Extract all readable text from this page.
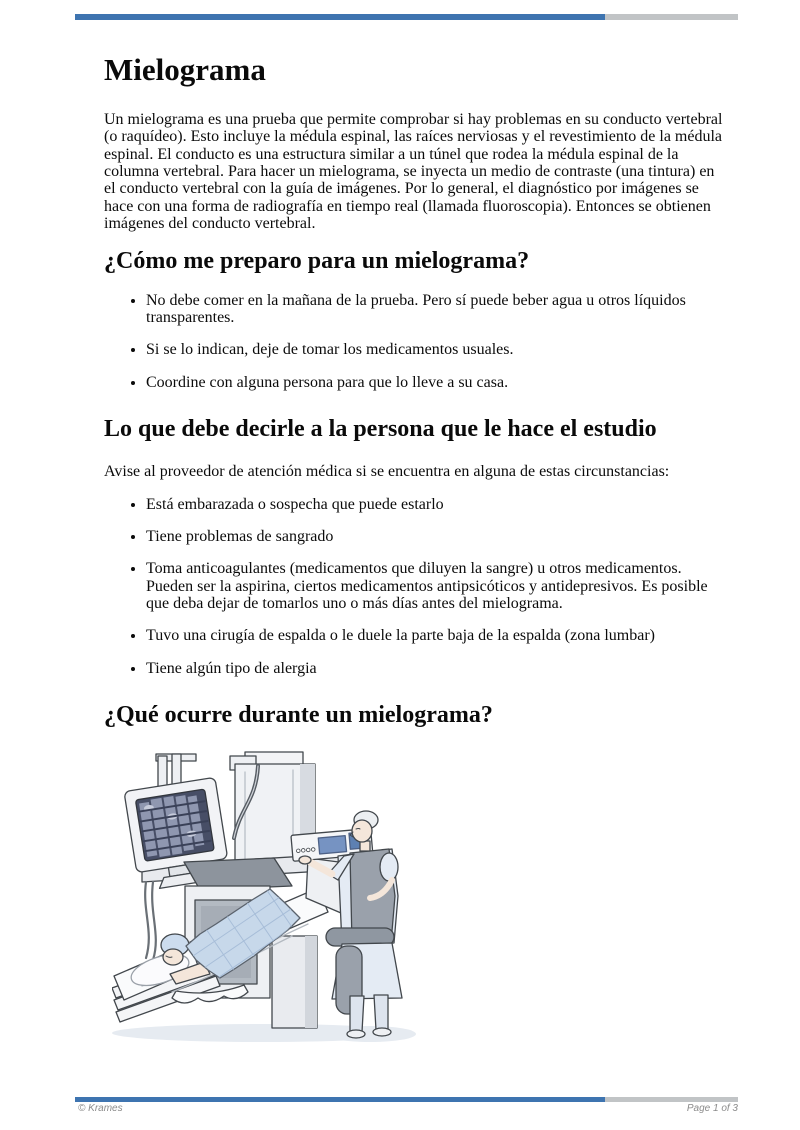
Mielograma

Un mielograma es una prueba que permite comprobar si hay problemas en su conducto vertebral (o raquídeo). Esto incluye la médula espinal, las raíces nerviosas y el revestimiento de la médula espinal. El conducto es una estructura similar a un túnel que rodea la médula espinal de la columna vertebral. Para hacer un mielograma, se inyecta un medio de contraste (una tintura) en el conducto vertebral con la guía de imágenes. Por lo general, el diagnóstico por imágenes se hace con una forma de radiografía en tiempo real (llamada fluoroscopia). Entonces se obtienen imágenes del conducto vertebral.

¿Cómo me preparo para un mielograma?
• No debe comer en la mañana de la prueba. Pero sí puede beber agua u otros líquidos transparentes.
• Si se lo indican, deje de tomar los medicamentos usuales.
• Coordine con alguna persona para que lo lleve a su casa.
Lo que debe decirle a la persona que le hace el estudio

Avise al proveedor de atención médica si se encuentra en alguna de estas circunstancias:

• Está embarazada o sospecha que puede estarlo
• Tiene problemas de sangrado
• Toma anticoagulantes (medicamentos que diluyen la sangre) u otros medicamentos. Pueden ser la aspirina, ciertos medicamentos antipsicóticos y antidepresivos. Es posible que deba dejar de tomarlos uno o más días antes del mielograma.
• Tuvo una cirugía de espalda o le duele la parte baja de la espalda (zona lumbar)
• Tiene algún tipo de alergia
¿Qué ocurre durante un mielograma?
© Krames	Page 1 of 3
